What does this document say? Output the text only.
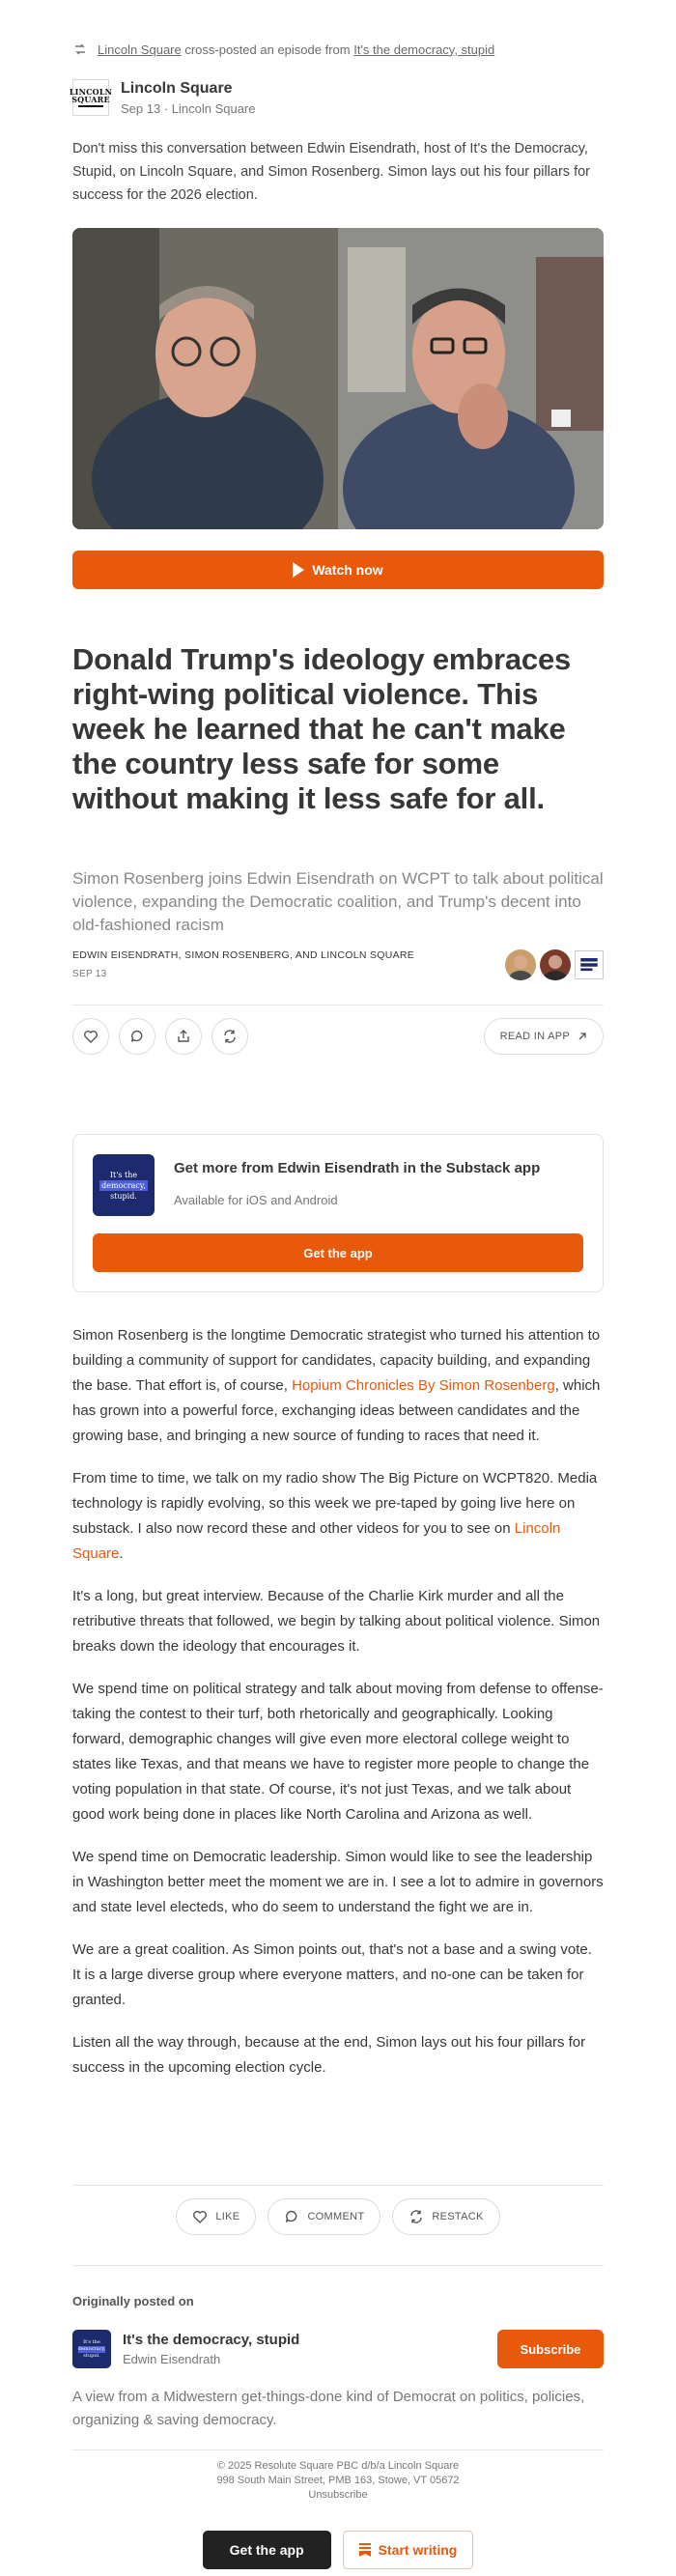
Lincoln Square cross-posted an episode from It's the democracy, stupid
LINCOLN
SQUARE
Lincoln Square
Sep 13 · Lincoln Square
Don't miss this conversation between Edwin Eisendrath, host of It's the Democracy, Stupid, on Lincoln Square, and Simon Rosenberg. Simon lays out his four pillars for success for the 2026 election.
Watch now
Donald Trump's ideology embraces right-wing political violence. This week he learned that he can't make the country less safe for some without making it less safe for all.
Simon Rosenberg joins Edwin Eisendrath on WCPT to talk about political violence, expanding the Democratic coalition, and Trump's decent into old-fashioned racism
EDWIN EISENDRATH, SIMON ROSENBERG, AND LINCOLN SQUARE
SEP 13
READ IN APP
It's the
democracy,
stupid.
Get more from Edwin Eisendrath in the Substack app
Available for iOS and Android
Get the app

Simon Rosenberg is the longtime Democratic strategist who turned his attention to building a community of support for candidates, capacity building, and expanding the base. That effort is, of course, Hopium Chronicles By Simon Rosenberg, which has grown into a powerful force, exchanging ideas between candidates and the growing base, and bringing a new source of funding to races that need it.

From time to time, we talk on my radio show The Big Picture on WCPT820. Media technology is rapidly evolving, so this week we pre-taped by going live here on substack. I also now record these and other videos for you to see on Lincoln Square.

It's a long, but great interview. Because of the Charlie Kirk murder and all the retributive threats that followed, we begin by talking about political violence. Simon breaks down the ideology that encourages it.

We spend time on political strategy and talk about moving from defense to offense- taking the contest to their turf, both rhetorically and geographically. Looking forward, demographic changes will give even more electoral college weight to states like Texas, and that means we have to register more people to change the voting population in that state. Of course, it's not just Texas, and we talk about good work being done in places like North Carolina and Arizona as well.

We spend time on Democratic leadership. Simon would like to see the leadership in Washington better meet the moment we are in. I see a lot to admire in governors and state level electeds, who do seem to understand the fight we are in.

We are a great coalition. As Simon points out, that's not a base and a swing vote. It is a large diverse group where everyone matters, and no-one can be taken for granted.

Listen all the way through, because at the end, Simon lays out his four pillars for success in the upcoming election cycle.

LIKE	COMMENT	RESTACK
Originally posted on
It's the
democracy,
stupid.
It's the democracy, stupid
Edwin Eisendrath
Subscribe
A view from a Midwestern get-things-done kind of Democrat on politics, policies, organizing & saving democracy.
© 2025 Resolute Square PBC d/b/a Lincoln Square
998 South Main Street, PMB 163, Stowe, VT 05672
Unsubscribe
Get the app	Start writing
